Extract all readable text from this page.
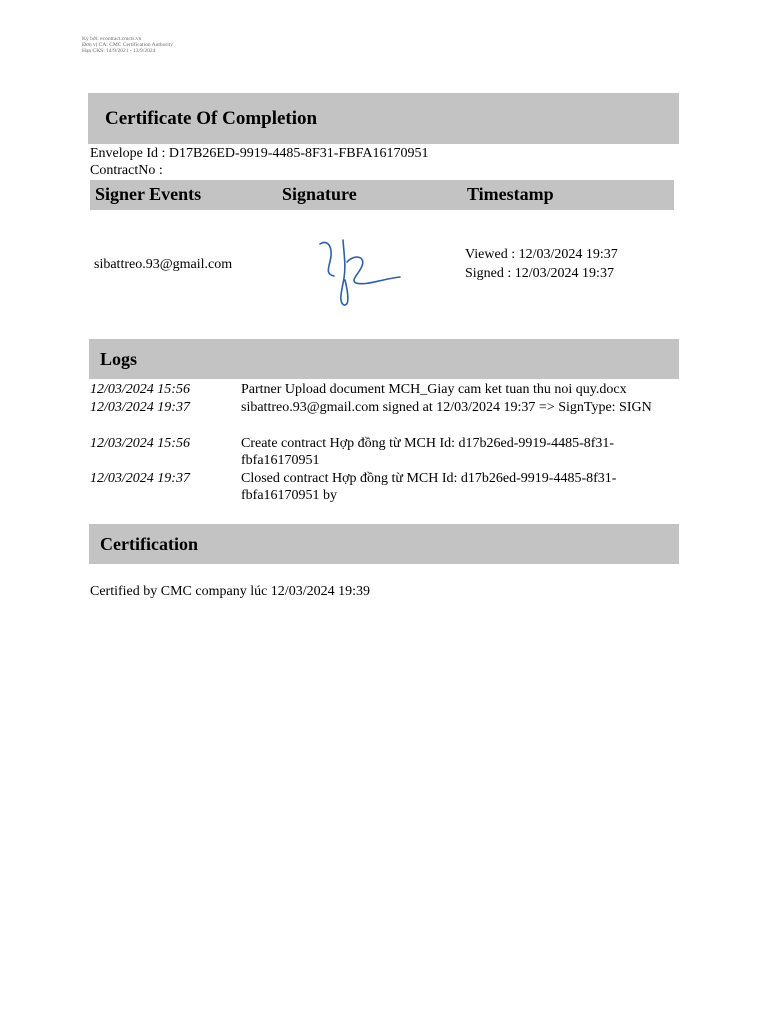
Ký bởi: econtract.cmcts.vn
Đơn vị CA: CMC Certification Authority
Hạn CKS: 14/9/2021 - 13/9/2024
Certificate Of Completion
Envelope Id : D17B26ED-9919-4485-8F31-FBFA16170951
ContractNo :
Signer Events	Signature	Timestamp
sibattreo.93@gmail.com
Viewed : 12/03/2024 19:37
Signed : 12/03/2024 19:37
Logs
12/03/2024 15:56	Partner Upload document MCH_Giay cam ket tuan thu noi quy.docx
12/03/2024 19:37	sibattreo.93@gmail.com signed at 12/03/2024 19:37 => SignType: SIGN
12/03/2024 15:56	Create contract Hợp đồng từ MCH Id: d17b26ed-9919-4485-8f31-fbfa16170951
12/03/2024 19:37	Closed contract Hợp đồng từ MCH Id: d17b26ed-9919-4485-8f31-fbfa16170951 by
Certification
Certified by CMC company lúc 12/03/2024 19:39
